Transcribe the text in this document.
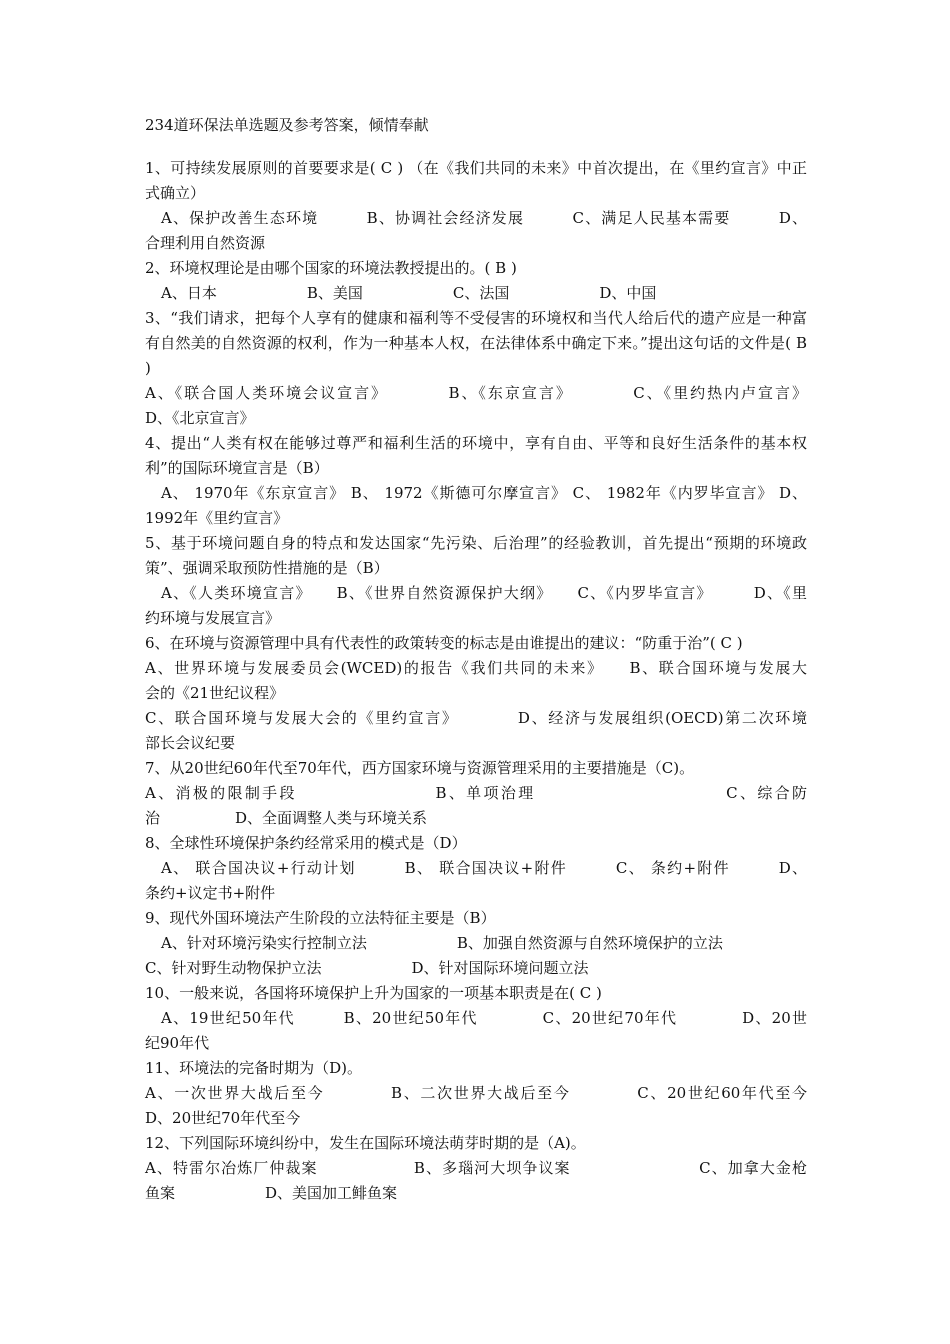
234道环保法单选题及参考答案，倾情奉献
1、可持续发展原则的首要要求是( C ) （在《我们共同的未来》中首次提出，在《里约宣言》中正式确立）
A、保护改善生态环境　　　B、协调社会经济发展　　　C、满足人民基本需要　　　D、
合理利用自然资源
2、环境权理论是由哪个国家的环境法教授提出的。( B )
A、日本　　　　　　B、美国　　　　　　C、法国　　　　　　D、中国
3、“我们请求，把每个人享有的健康和福利等不受侵害的环境权和当代人给后代的遗产应是一种富有自然美的自然资源的权利，作为一种基本人权，在法律体系中确定下来。”提出这句话的文件是( B )
A、《联合国人类环境会议宣言》　　　　B、《东京宣言》　　　　C、《里约热内卢宣言》
D、《北京宣言》
4、提出“人类有权在能够过尊严和福利生活的环境中，享有自由、平等和良好生活条件的基本权利”的国际环境宣言是（B）
A、 1970年《东京宣言》 B、 1972《斯德可尔摩宣言》 C、 1982年《内罗毕宣言》 D、
1992年《里约宣言》
5、基于环境问题自身的特点和发达国家“先污染、后治理”的经验教训，首先提出“预期的环境政策”、强调采取预防性措施的是（B）
A、《人类环境宣言》　　B、《世界自然资源保护大纲》　　C、《内罗毕宣言》　　　D、《里
约环境与发展宣言》
6、在环境与资源管理中具有代表性的政策转变的标志是由谁提出的建议：“防重于治”( C )
A、世界环境与发展委员会(WCED)的报告《我们共同的未来》　　B、联合国环境与发展大
会的《21世纪议程》
C、联合国环境与发展大会的《里约宣言》　　　　D、经济与发展组织(OECD)第二次环境
部长会议纪要
7、从20世纪60年代至70年代，西方国家环境与资源管理采用的主要措施是（C)。
A、消极的限制手段　　　　　　　　B、单项治理　　　　　　　　　　　C、综合防
治　　　　　D、全面调整人类与环境关系
8、全球性环境保护条约经常采用的模式是（D）
A、 联合国决议+行动计划　　　B、 联合国决议+附件　　　C、 条约+附件　　　D、
条约+议定书+附件
9、现代外国环境法产生阶段的立法特征主要是（B）
A、针对环境污染实行控制立法　　　　　　B、加强自然资源与自然环境保护的立法
C、针对野生动物保护立法　　　　　　D、针对国际环境问题立法
10、一般来说，各国将环境保护上升为国家的一项基本职责是在( C )
A、19世纪50年代　　　B、20世纪50年代　　　　C、20世纪70年代　　　　D、20世
纪90年代
11、环境法的完备时期为（D)。
A、一次世界大战后至今　　　　B、二次世界大战后至今　　　　C、20世纪60年代至今
D、20世纪70年代至今
12、下列国际环境纠纷中，发生在国际环境法萌芽时期的是（A)。
A、特雷尔冶炼厂仲裁案　　　　　　B、多瑙河大坝争议案　　　　　　　　C、加拿大金枪
鱼案　　　　　　D、美国加工鲱鱼案
